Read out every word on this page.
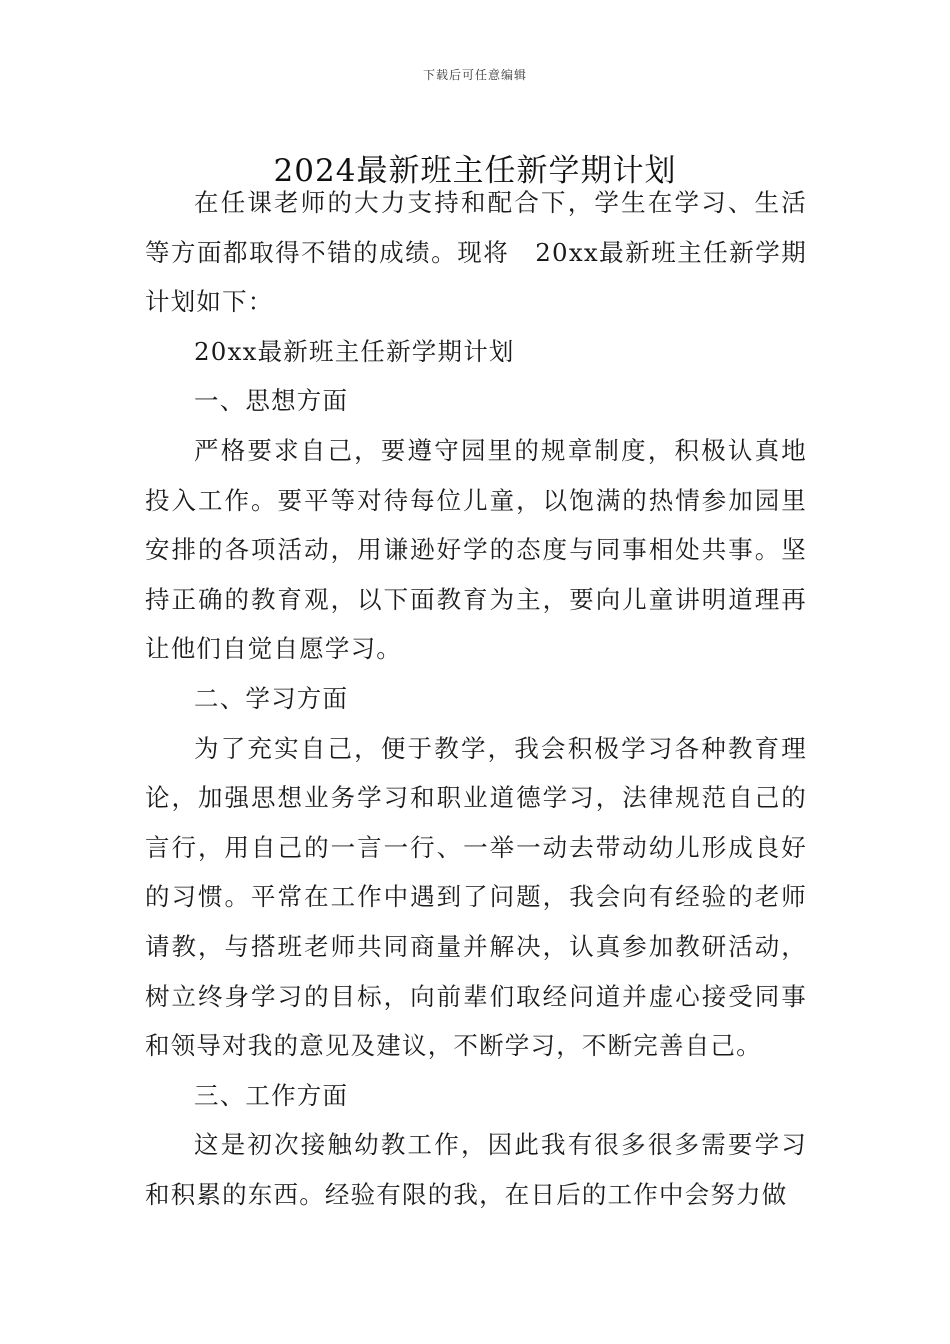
下载后可任意编辑
2024最新班主任新学期计划

在任课老师的大力支持和配合下，学生在学习、生活等方面都取得不错的成绩。现将　20xx最新班主任新学期计划如下：

20xx最新班主任新学期计划

一、思想方面

严格要求自己，要遵守园里的规章制度，积极认真地投入工作。要平等对待每位儿童，以饱满的热情参加园里安排的各项活动，用谦逊好学的态度与同事相处共事。坚持正确的教育观，以下面教育为主，要向儿童讲明道理再让他们自觉自愿学习。

二、学习方面

为了充实自己，便于教学，我会积极学习各种教育理论，加强思想业务学习和职业道德学习，法律规范自己的言行，用自己的一言一行、一举一动去带动幼儿形成良好的习惯。平常在工作中遇到了问题，我会向有经验的老师请教，与搭班老师共同商量并解决，认真参加教研活动，树立终身学习的目标，向前辈们取经问道并虚心接受同事和领导对我的意见及建议，不断学习，不断完善自己。

三、工作方面

这是初次接触幼教工作，因此我有很多很多需要学习和积累的东西。经验有限的我，在日后的工作中会努力做
